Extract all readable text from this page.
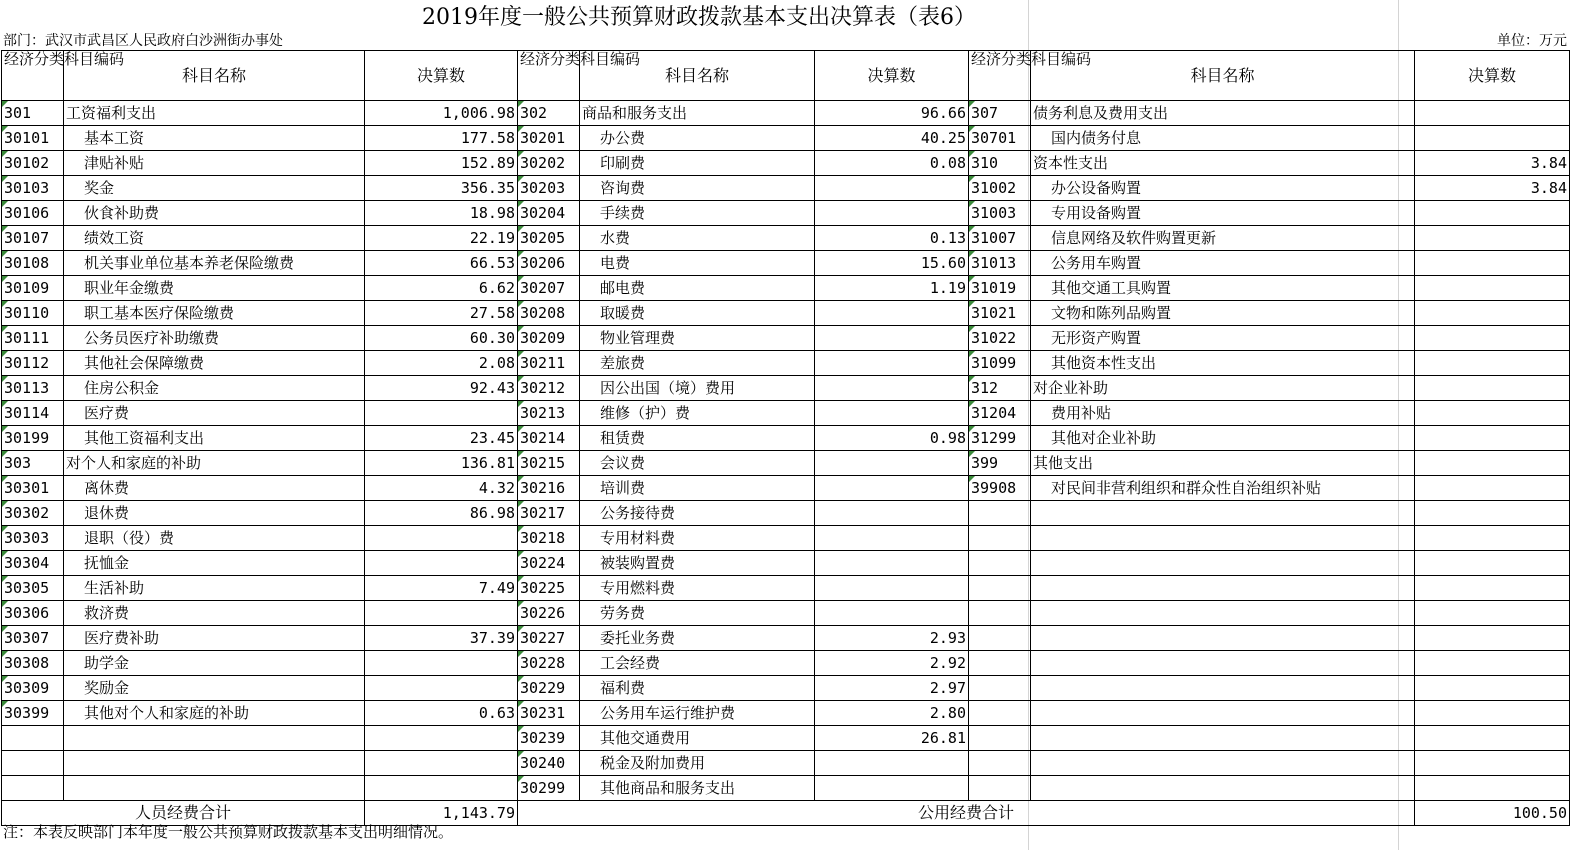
2019年度一般公共预算财政拨款基本支出决算表（表6）
部门：武汉市武昌区人民政府白沙洲街办事处	单位：万元
经济分类科目编码	科目名称	决算数	经济分类科目编码	科目名称	决算数	经济分类科目编码	科目名称	决算数
301	工资福利支出	1,006.98	302	商品和服务支出	96.66	307	债务利息及费用支出	
30101	基本工资	177.58	30201	办公费	40.25	30701	国内债务付息	
30102	津贴补贴	152.89	30202	印刷费	0.08	310	资本性支出	3.84
30103	奖金	356.35	30203	咨询费		31002	办公设备购置	3.84
30106	伙食补助费	18.98	30204	手续费		31003	专用设备购置	
30107	绩效工资	22.19	30205	水费	0.13	31007	信息网络及软件购置更新	
30108	机关事业单位基本养老保险缴费	66.53	30206	电费	15.60	31013	公务用车购置	
30109	职业年金缴费	6.62	30207	邮电费	1.19	31019	其他交通工具购置	
30110	职工基本医疗保险缴费	27.58	30208	取暖费		31021	文物和陈列品购置	
30111	公务员医疗补助缴费	60.30	30209	物业管理费		31022	无形资产购置	
30112	其他社会保障缴费	2.08	30211	差旅费		31099	其他资本性支出	
30113	住房公积金	92.43	30212	因公出国（境）费用		312	对企业补助	
30114	医疗费		30213	维修（护）费		31204	费用补贴	
30199	其他工资福利支出	23.45	30214	租赁费	0.98	31299	其他对企业补助	
303	对个人和家庭的补助	136.81	30215	会议费		399	其他支出	
30301	离休费	4.32	30216	培训费		39908	对民间非营利组织和群众性自治组织补贴	
30302	退休费	86.98	30217	公务接待费				
30303	退职（役）费		30218	专用材料费				
30304	抚恤金		30224	被装购置费				
30305	生活补助	7.49	30225	专用燃料费				
30306	救济费		30226	劳务费				
30307	医疗费补助	37.39	30227	委托业务费	2.93			
30308	助学金		30228	工会经费	2.92			
30309	奖励金		30229	福利费	2.97			
30399	其他对个人和家庭的补助	0.63	30231	公务用车运行维护费	2.80			
			30239	其他交通费用	26.81			
			30240	税金及附加费用				
			30299	其他商品和服务支出				
人员经费合计		1,143.79	公用经费合计					100.50
注：本表反映部门本年度一般公共预算财政拨款基本支出明细情况。
